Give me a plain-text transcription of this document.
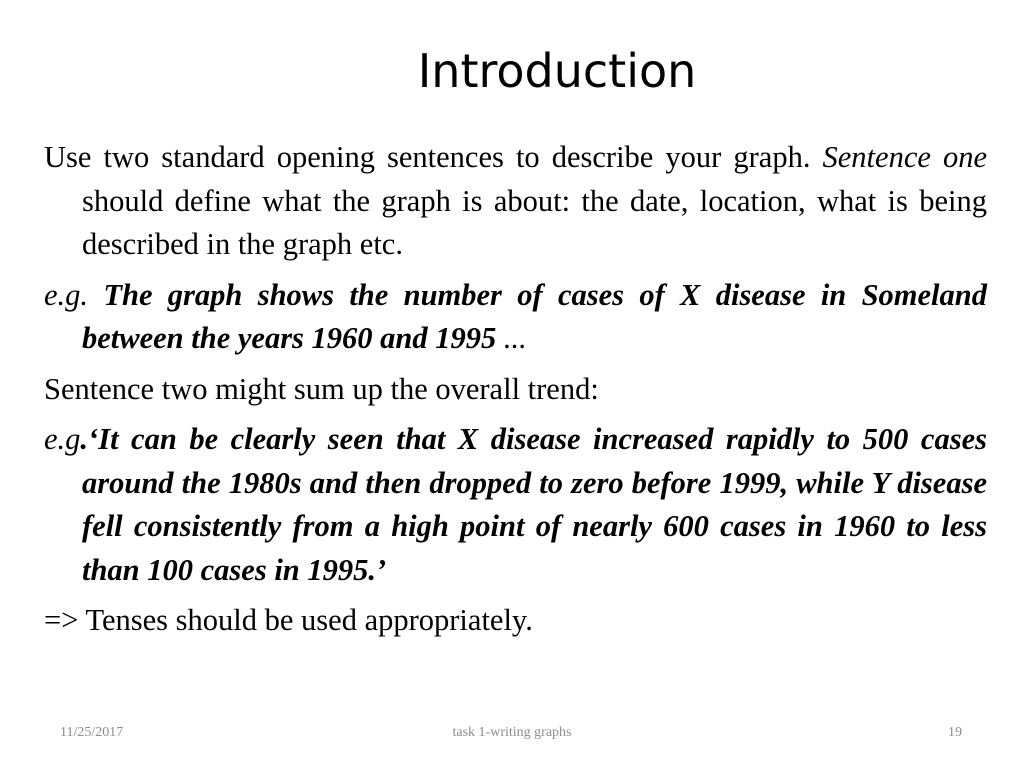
Introduction

Use two standard opening sentences to describe your graph. Sentence one should define what the graph is about: the date, location, what is being described in the graph etc.

e.g. The graph shows the number of cases of X disease in Someland between the years 1960 and 1995 ...

Sentence two might sum up the overall trend:

e.g.‘It can be clearly seen that X disease increased rapidly to 500 cases around the 1980s and then dropped to zero before 1999, while Y disease fell consistently from a high point of nearly 600 cases in 1960 to less than 100 cases in 1995.’

=> Tenses should be used appropriately.

11/25/2017	task 1-writing graphs	19
